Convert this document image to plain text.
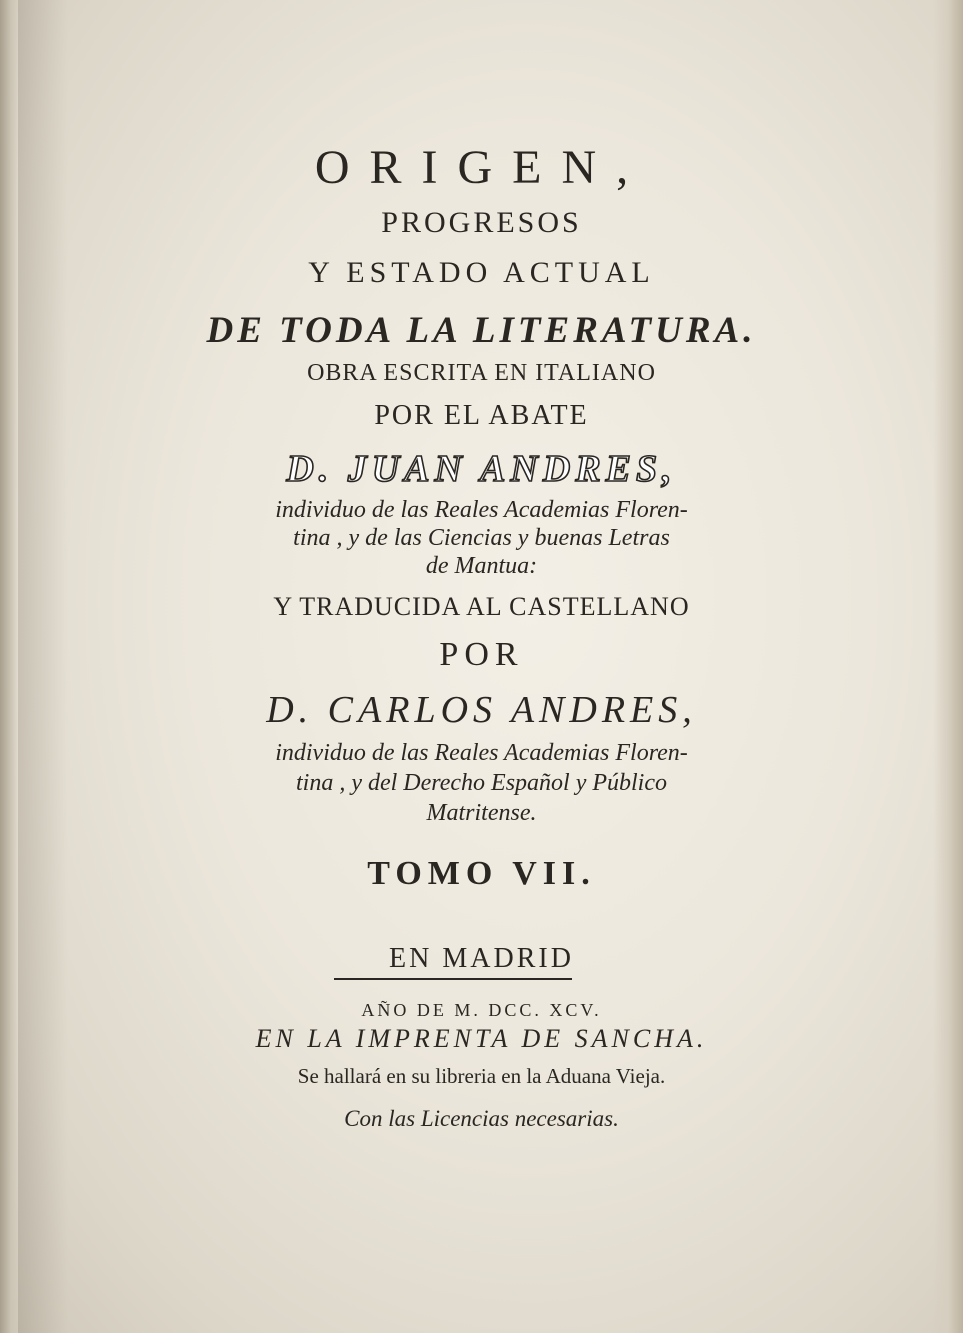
ORIGEN,
PROGRESOS
Y ESTADO ACTUAL
DE TODA LA LITERATURA.
OBRA ESCRITA EN ITALIANO
POR EL ABATE
D. JUAN ANDRES,
individuo de las Reales Academias Floren-
tina , y de las Ciencias y buenas Letras
de Mantua:
Y TRADUCIDA AL CASTELLANO
POR
D. CARLOS ANDRES,
individuo de las Reales Academias Floren-
tina , y del Derecho Español y Público
Matritense.
TOMO VII.
EN MADRID
AÑO DE M. DCC. XCV.
EN LA IMPRENTA DE SANCHA.
Se hallará en su libreria en la Aduana Vieja.
Con las Licencias necesarias.
